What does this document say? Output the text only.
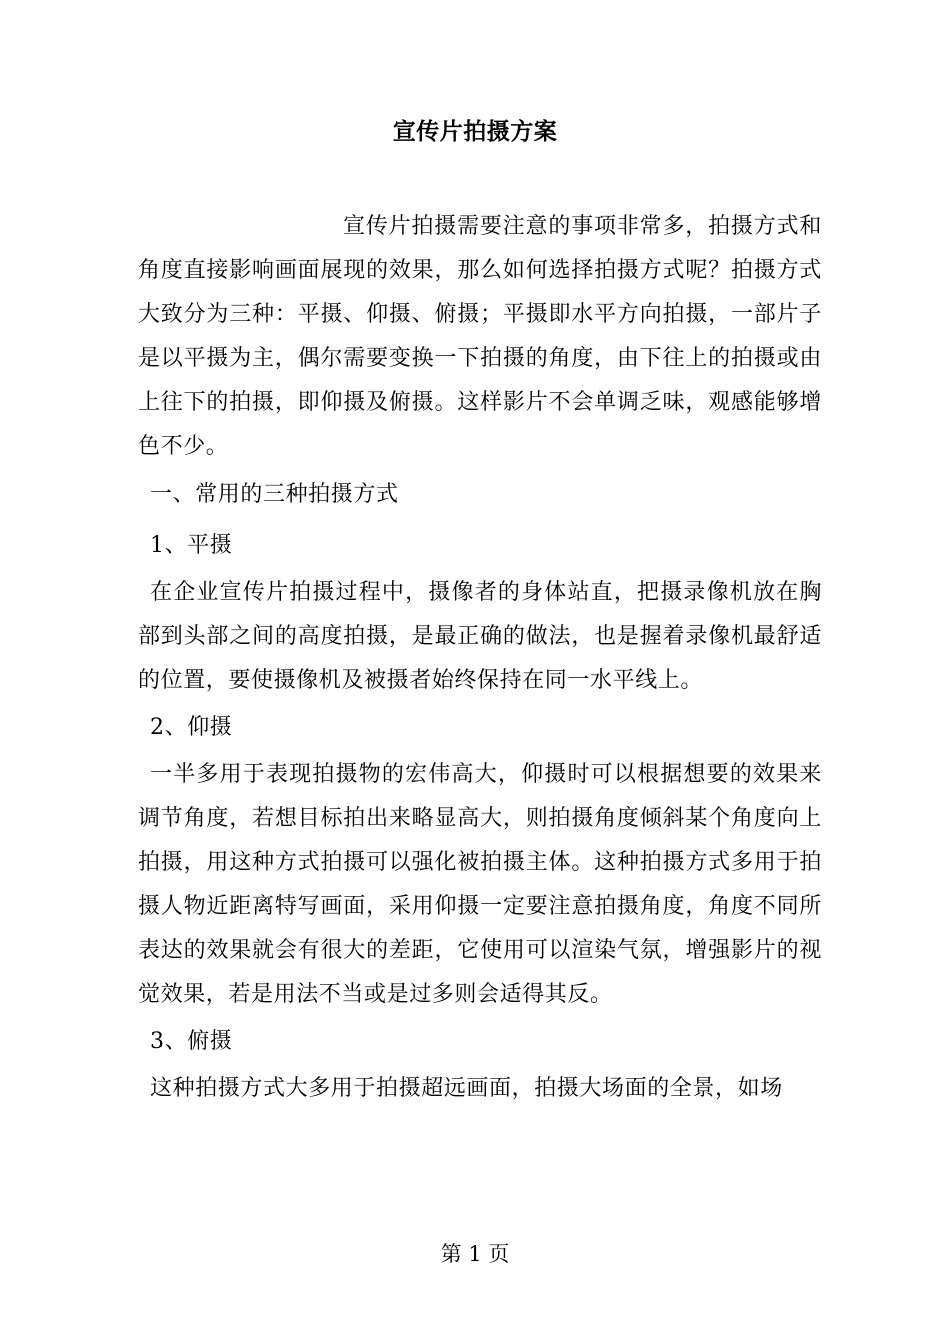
宣传片拍摄方案

宣传片拍摄需要注意的事项非常多，拍摄方式和角度直接影响画面展现的效果，那么如何选择拍摄方式呢？拍摄方式大致分为三种：平摄、仰摄、俯摄；平摄即水平方向拍摄，一部片子是以平摄为主，偶尔需要变换一下拍摄的角度，由下往上的拍摄或由上往下的拍摄，即仰摄及俯摄。这样影片不会单调乏味，观感能够增色不少。

一、常用的三种拍摄方式

1、平摄

在企业宣传片拍摄过程中，摄像者的身体站直，把摄录像机放在胸部到头部之间的高度拍摄，是最正确的做法，也是握着录像机最舒适的位置，要使摄像机及被摄者始终保持在同一水平线上。

2、仰摄

一半多用于表现拍摄物的宏伟高大，仰摄时可以根据想要的效果来调节角度，若想目标拍出来略显高大，则拍摄角度倾斜某个角度向上拍摄，用这种方式拍摄可以强化被拍摄主体。这种拍摄方式多用于拍摄人物近距离特写画面，采用仰摄一定要注意拍摄角度，角度不同所表达的效果就会有很大的差距，它使用可以渲染气氛，增强影片的视觉效果，若是用法不当或是过多则会适得其反。

3、俯摄

这种拍摄方式大多用于拍摄超远画面，拍摄大场面的全景，如场

第 1 页
